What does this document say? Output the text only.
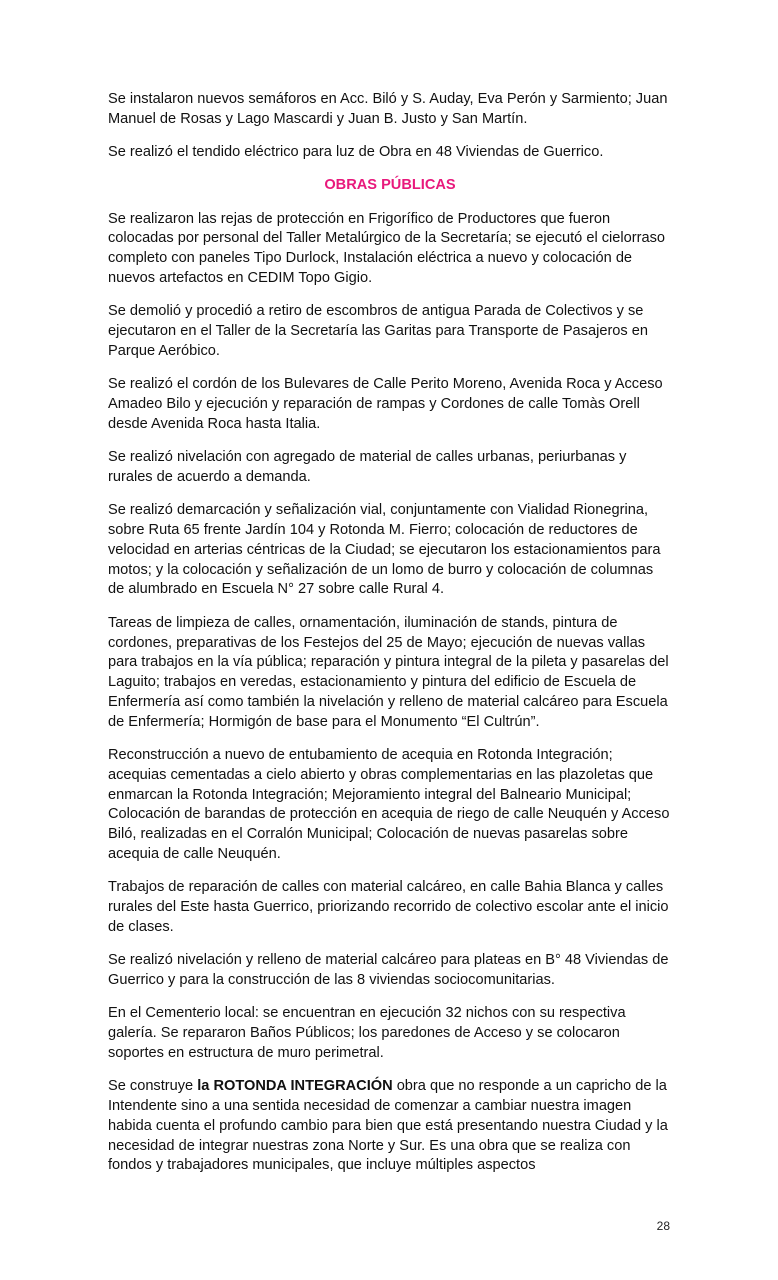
Se instalaron nuevos semáforos en Acc. Biló y S. Auday, Eva Perón y Sarmiento; Juan Manuel de Rosas y Lago Mascardi y Juan B. Justo y San Martín.

Se realizó el tendido eléctrico para luz de Obra en 48 Viviendas de Guerrico.

OBRAS PÚBLICAS

Se realizaron las rejas de protección en Frigorífico de Productores que fueron colocadas por personal del Taller Metalúrgico de la Secretaría; se ejecutó el cielorraso completo con paneles Tipo Durlock, Instalación eléctrica a nuevo y colocación de nuevos artefactos en CEDIM Topo Gigio.

Se demolió y procedió a retiro de escombros de antigua Parada de Colectivos y se ejecutaron en el Taller de la Secretaría las Garitas para Transporte de Pasajeros en Parque Aeróbico.

Se realizó el cordón de los Bulevares de Calle Perito Moreno, Avenida Roca y Acceso Amadeo Bilo y ejecución y reparación de rampas y Cordones de calle Tomàs Orell desde Avenida Roca hasta Italia.

Se realizó nivelación con agregado de material de calles urbanas, periurbanas y rurales de acuerdo a demanda.

Se realizó demarcación y señalización vial, conjuntamente con Vialidad Rionegrina, sobre Ruta 65 frente Jardín 104 y Rotonda M. Fierro; colocación de reductores de velocidad en arterias céntricas de la Ciudad; se ejecutaron los estacionamientos para motos; y la colocación y señalización de un lomo de burro y colocación de columnas de alumbrado en Escuela N° 27 sobre calle Rural 4.

Tareas de limpieza de calles, ornamentación, iluminación de stands, pintura de cordones, preparativas de los Festejos del 25 de Mayo; ejecución de nuevas vallas para trabajos en la vía pública; reparación y pintura integral de la pileta y pasarelas del Laguito; trabajos en veredas, estacionamiento y pintura del edificio de Escuela de Enfermería así como también la nivelación y relleno de material calcáreo para Escuela de Enfermería; Hormigón de base para el Monumento “El Cultrún”.

Reconstrucción a nuevo de entubamiento de acequia en Rotonda Integración; acequias cementadas a cielo abierto y obras complementarias en las plazoletas que enmarcan la Rotonda Integración; Mejoramiento integral del Balneario Municipal; Colocación de barandas de protección en acequia de riego de calle Neuquén y Acceso Biló, realizadas en el Corralón Municipal; Colocación de nuevas pasarelas sobre acequia de calle Neuquén.

Trabajos de reparación de calles con material calcáreo, en calle Bahia Blanca y calles rurales del Este hasta Guerrico, priorizando recorrido de colectivo escolar ante el inicio de clases.

Se realizó nivelación y relleno de material calcáreo para plateas en B° 48 Viviendas de Guerrico y para la construcción de las 8 viviendas sociocomunitarias.

En el Cementerio local: se encuentran en ejecución 32 nichos con su respectiva galería. Se repararon Baños Públicos; los paredones de Acceso y se colocaron soportes en estructura de muro perimetral.

Se construye la ROTONDA INTEGRACIÓN obra que no responde a un capricho de la Intendente sino a una sentida necesidad de comenzar a cambiar nuestra imagen habida cuenta el profundo cambio para bien que está presentando nuestra Ciudad y la necesidad de integrar nuestras zona Norte y Sur. Es una obra que se realiza con fondos y trabajadores municipales, que incluye múltiples aspectos

28
